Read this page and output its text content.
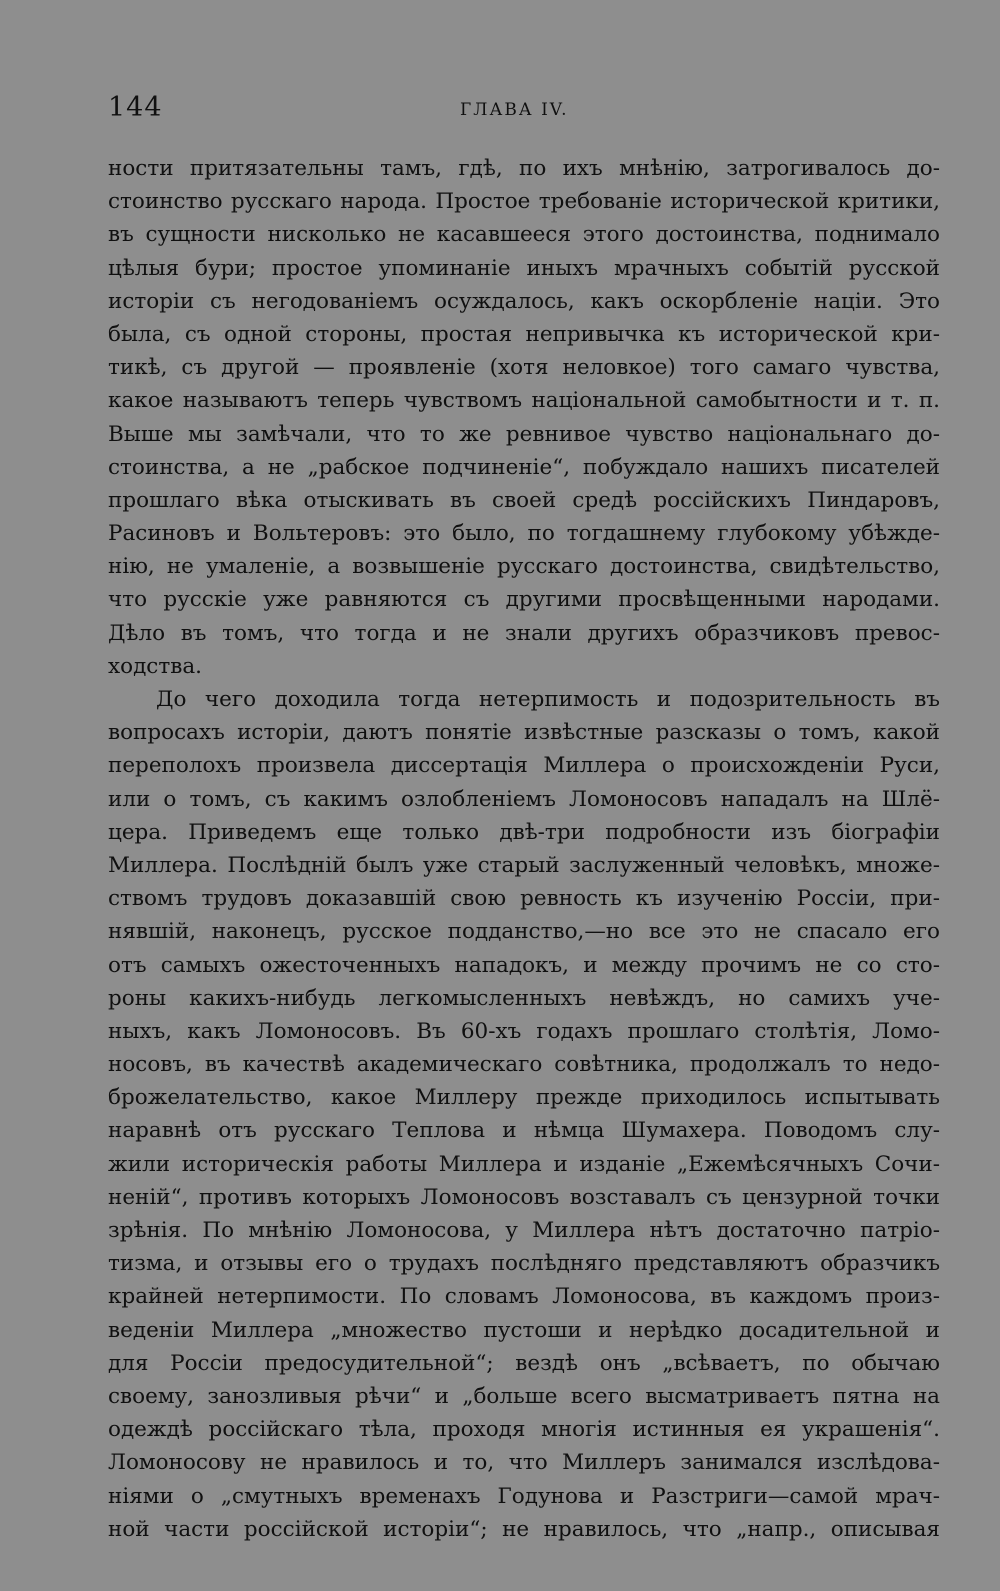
144	ГЛАВА IV.
ности притязательны тамъ, гдѣ, по ихъ мнѣнію, затрогивалось до-
стоинство русскаго народа. Простое требованіе исторической критики,
въ сущности нисколько не касавшееся этого достоинства, поднимало
цѣлыя бури; простое упоминаніе иныхъ мрачныхъ событій русской
исторіи съ негодованіемъ осуждалось, какъ оскорбленіе націи. Это
была, съ одной стороны, простая непривычка къ исторической кри-
тикѣ, съ другой — проявленіе (хотя неловкое) того самаго чувства,
какое называютъ теперь чувствомъ національной самобытности и т. п.
Выше мы замѣчали, что то же ревнивое чувство національнаго до-
стоинства, а не „рабское подчиненіе“, побуждало нашихъ писателей
прошлаго вѣка отыскивать въ своей средѣ россійскихъ Пиндаровъ,
Расиновъ и Вольтеровъ: это было, по тогдашнему глубокому убѣжде-
нію, не умаленіе, а возвышеніе русскаго достоинства, свидѣтельство,
что русскіе уже равняются съ другими просвѣщенными народами.
Дѣло въ томъ, что тогда и не знали другихъ образчиковъ превос-
ходства.
До чего доходила тогда нетерпимость и подозрительность въ
вопросахъ исторіи, даютъ понятіе извѣстные разсказы о томъ, какой
переполохъ произвела диссертація Миллера о происхожденіи Руси,
или о томъ, съ какимъ озлобленіемъ Ломоносовъ нападалъ на Шлё-
цера. Приведемъ еще только двѣ-три подробности изъ біографіи
Миллера. Послѣдній былъ уже старый заслуженный человѣкъ, множе-
ствомъ трудовъ доказавшій свою ревность къ изученію Россіи, при-
нявшій, наконецъ, русское подданство,—но все это не спасало его
отъ самыхъ ожесточенныхъ нападокъ, и между прочимъ не со сто-
роны какихъ-нибудь легкомысленныхъ невѣждъ, но самихъ уче-
ныхъ, какъ Ломоносовъ. Въ 60-хъ годахъ прошлаго столѣтія, Ломо-
носовъ, въ качествѣ академическаго совѣтника, продолжалъ то недо-
брожелательство, какое Миллеру прежде приходилось испытывать
наравнѣ отъ русскаго Теплова и нѣмца Шумахера. Поводомъ слу-
жили историческія работы Миллера и изданіе „Ежемѣсячныхъ Сочи-
неній“, противъ которыхъ Ломоносовъ возставалъ съ цензурной точки
зрѣнія. По мнѣнію Ломоносова, у Миллера нѣтъ достаточно патріо-
тизма, и отзывы его о трудахъ послѣдняго представляютъ образчикъ
крайней нетерпимости. По словамъ Ломоносова, въ каждомъ произ-
веденіи Миллера „множество пустоши и нерѣдко досадительной и
для Россіи предосудительной“; вездѣ онъ „всѣваетъ, по обычаю
своему, занозливыя рѣчи“ и „больше всего высматриваетъ пятна на
одеждѣ россійскаго тѣла, проходя многія истинныя ея украшенія“.
Ломоносову не нравилось и то, что Миллеръ занимался изслѣдова-
ніями о „смутныхъ временахъ Годунова и Разстриги—самой мрач-
ной части россійской исторіи“; не нравилось, что „напр., описывая
